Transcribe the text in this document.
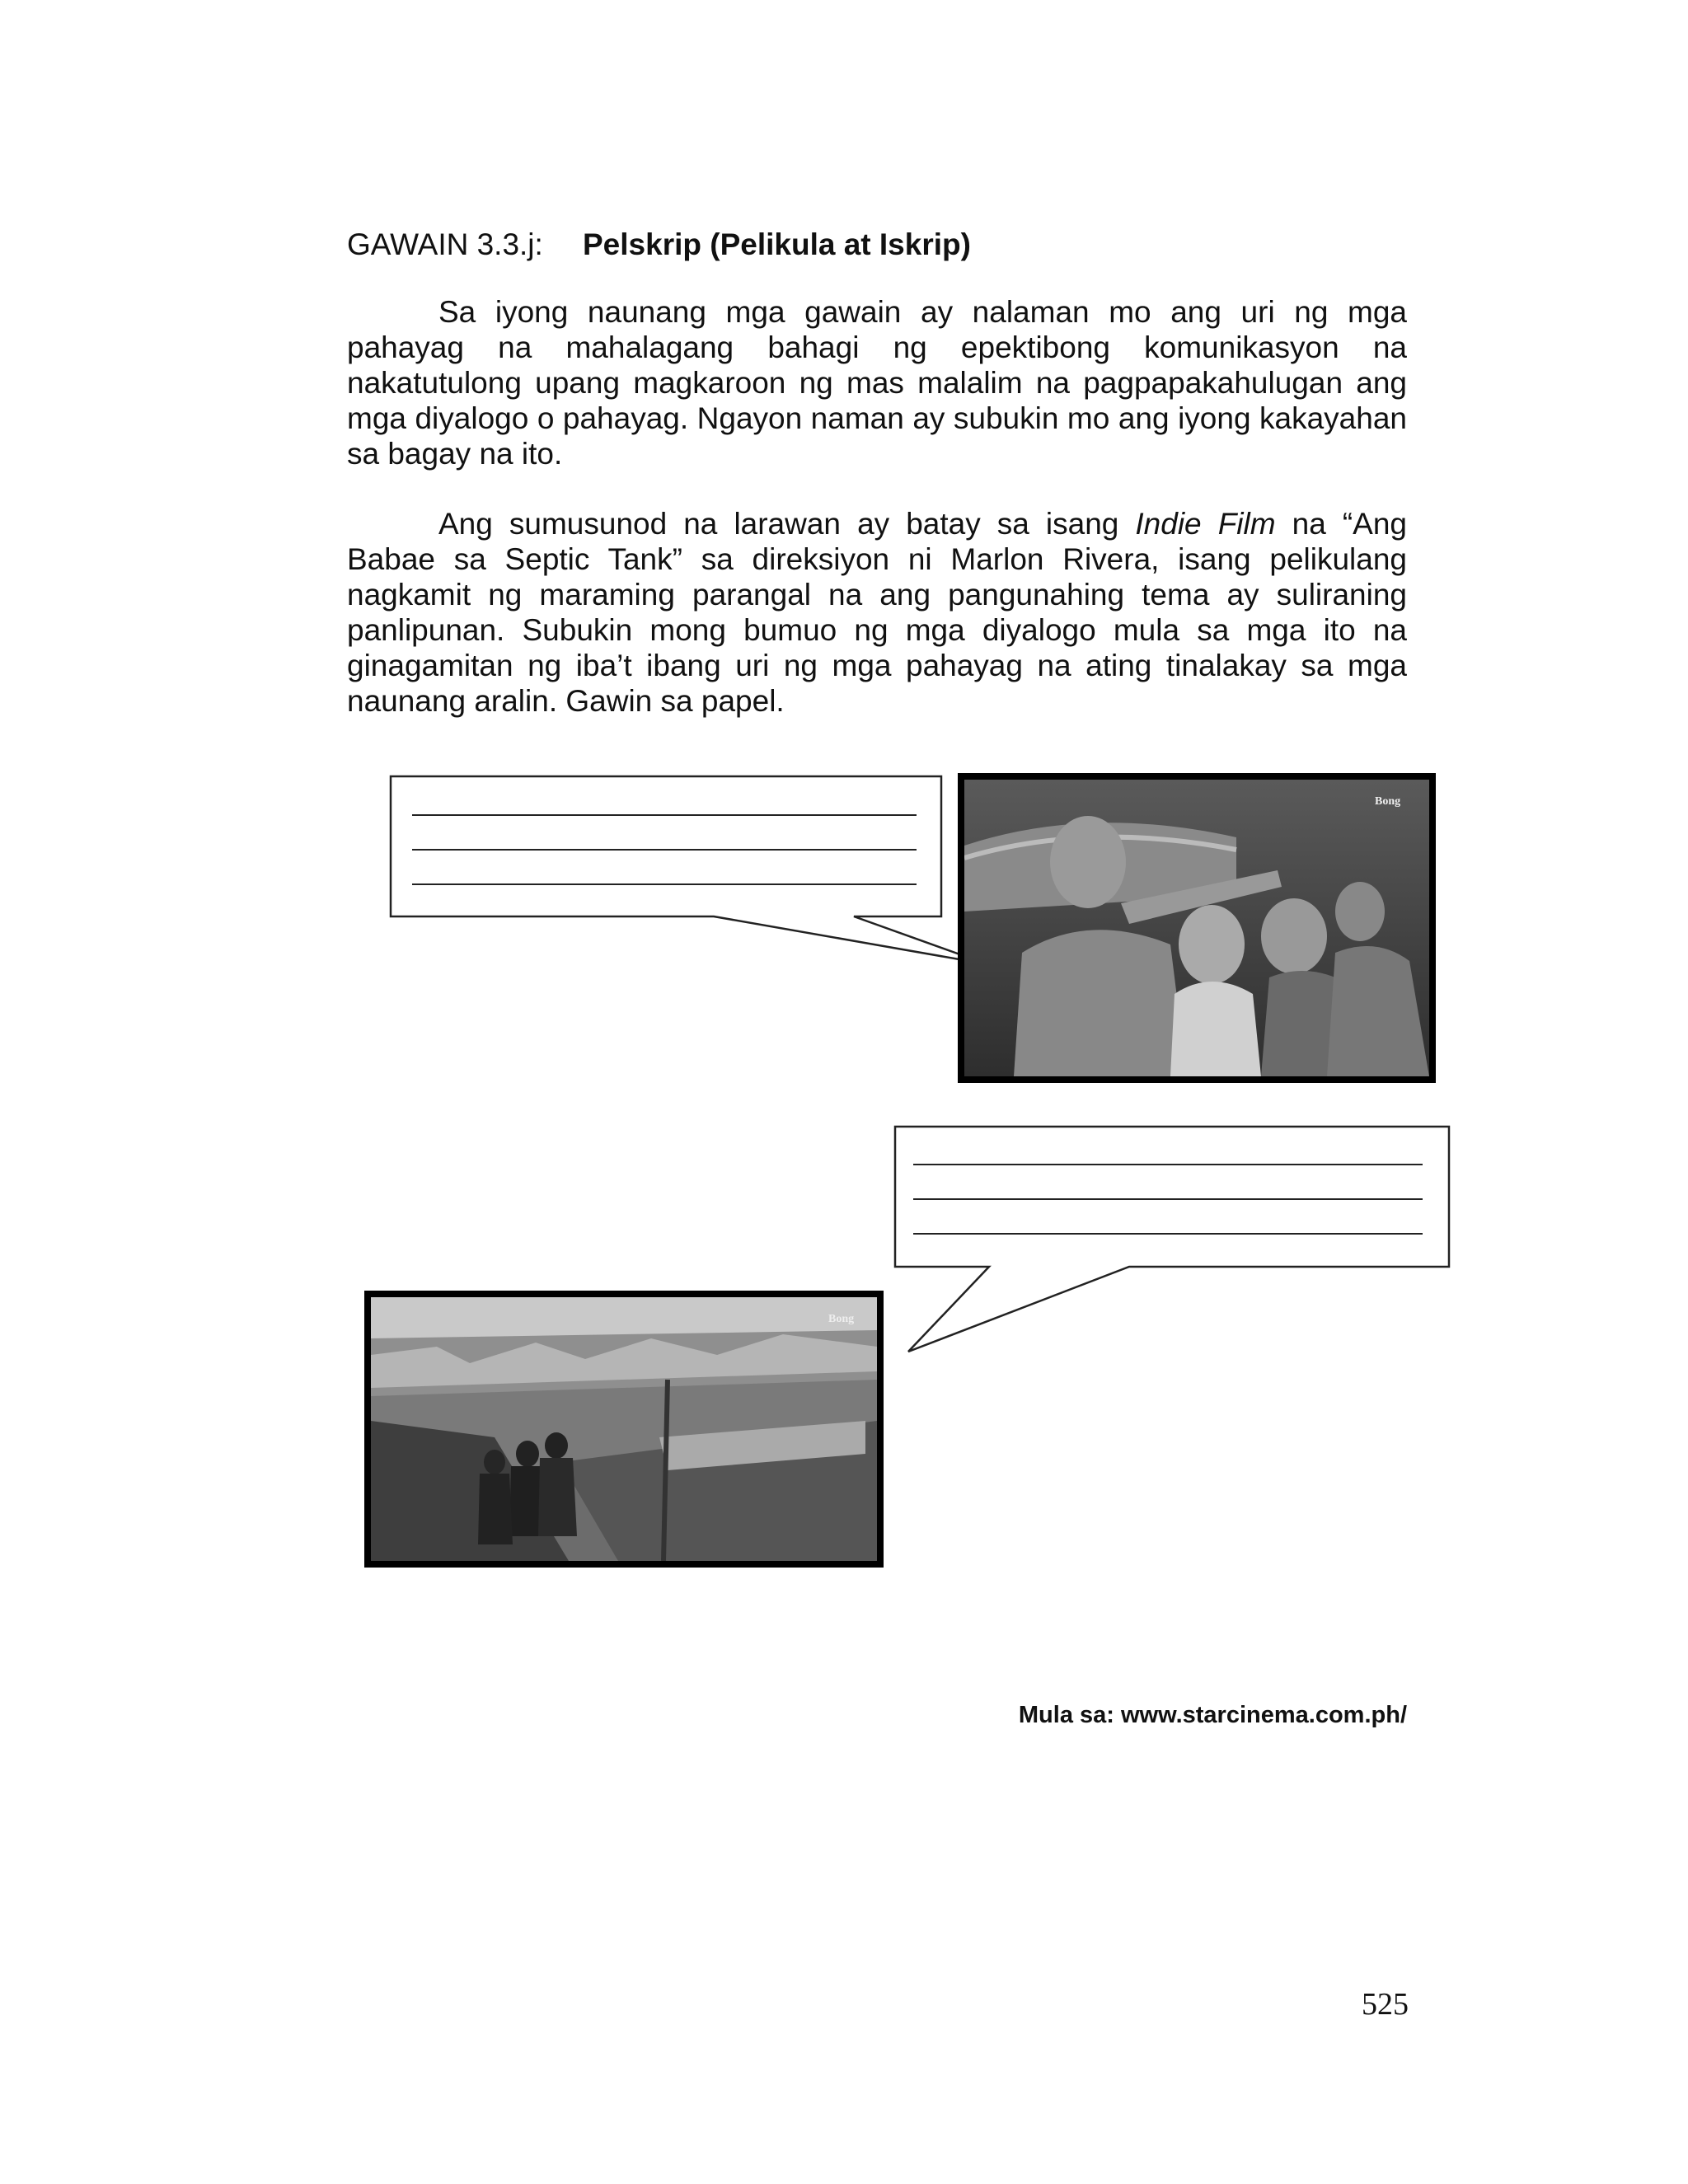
GAWAIN 3.3.j: Pelskrip (Pelikula at Iskrip)

Sa iyong naunang mga gawain ay nalaman mo ang uri ng mga pahayag na mahalagang bahagi ng epektibong komunikasyon na nakatutulong upang magkaroon ng mas malalim na pagpapakahulugan ang mga diyalogo o pahayag. Ngayon naman ay subukin mo ang iyong kakayahan sa bagay na ito.

Ang sumusunod na larawan ay batay sa isang Indie Film na “Ang Babae sa Septic Tank” sa direksiyon ni Marlon Rivera, isang pelikulang nagkamit ng maraming parangal na ang pangunahing tema ay suliraning panlipunan. Subukin mong bumuo ng mga diyalogo mula sa mga ito na ginagamitan ng iba’t ibang uri ng mga pahayag na ating tinalakay sa mga naunang aralin. Gawin sa papel.

Bong
Bong
Mula sa: www.starcinema.com.ph/
525
